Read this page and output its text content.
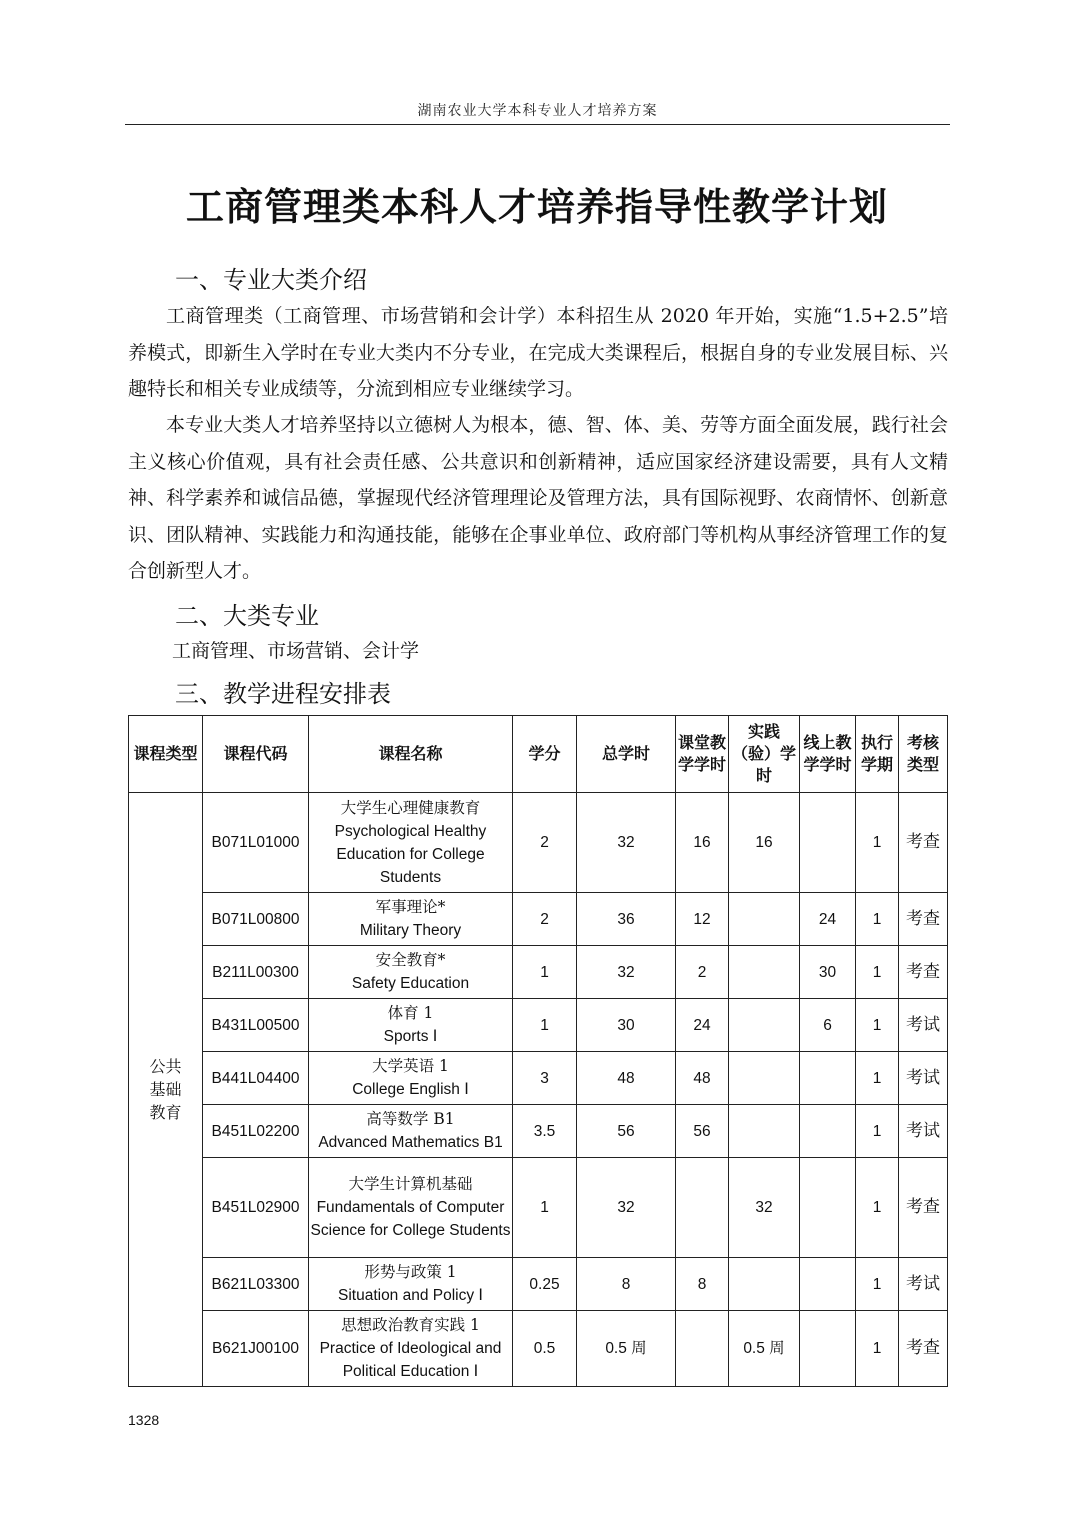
湖南农业大学本科专业人才培养方案
工商管理类本科人才培养指导性教学计划
一、专业大类介绍

工商管理类（工商管理、市场营销和会计学）本科招生从 2020 年开始，实施“1.5+2.5”培养模式，即新生入学时在专业大类内不分专业，在完成大类课程后，根据自身的专业发展目标、兴趣特长和相关专业成绩等，分流到相应专业继续学习。

本专业大类人才培养坚持以立德树人为根本，德、智、体、美、劳等方面全面发展，践行社会主义核心价值观，具有社会责任感、公共意识和创新精神，适应国家经济建设需要，具有人文精神、科学素养和诚信品德，掌握现代经济管理理论及管理方法，具有国际视野、农商情怀、创新意识、团队精神、实践能力和沟通技能，能够在企事业单位、政府部门等机构从事经济管理工作的复合创新型人才。

二、大类专业

工商管理、市场营销、会计学

三、教学进程安排表
课程类型	课程代码	课程名称	学分	总学时	课堂教学学时	实践（验）学时	线上教学学时	执行学期	考核类型
公共基础教育	B071L01000	大学生心理健康教育
Psychological Healthy Education for College Students	2	32	16	16		1	考查
	B071L00800	军事理论*
Military Theory	2	36	12		24	1	考查
	B211L00300	安全教育*
Safety Education	1	32	2		30	1	考查
	B431L00500	体育 1
Sports Ⅰ	1	30	24		6	1	考试
	B441L04400	大学英语 1
College English Ⅰ	3	48	48			1	考试
	B451L02200	高等数学 B1
Advanced Mathematics B1	3.5	56	56			1	考试
	B451L02900	大学生计算机基础
Fundamentals of Computer Science for College Students	1	32		32		1	考查
	B621L03300	形势与政策 1
Situation and Policy Ⅰ	0.25	8	8			1	考试
	B621J00100	思想政治教育实践 1
Practice of Ideological and Political Education Ⅰ	0.5	0.5 周		0.5 周		1	考查
1328
